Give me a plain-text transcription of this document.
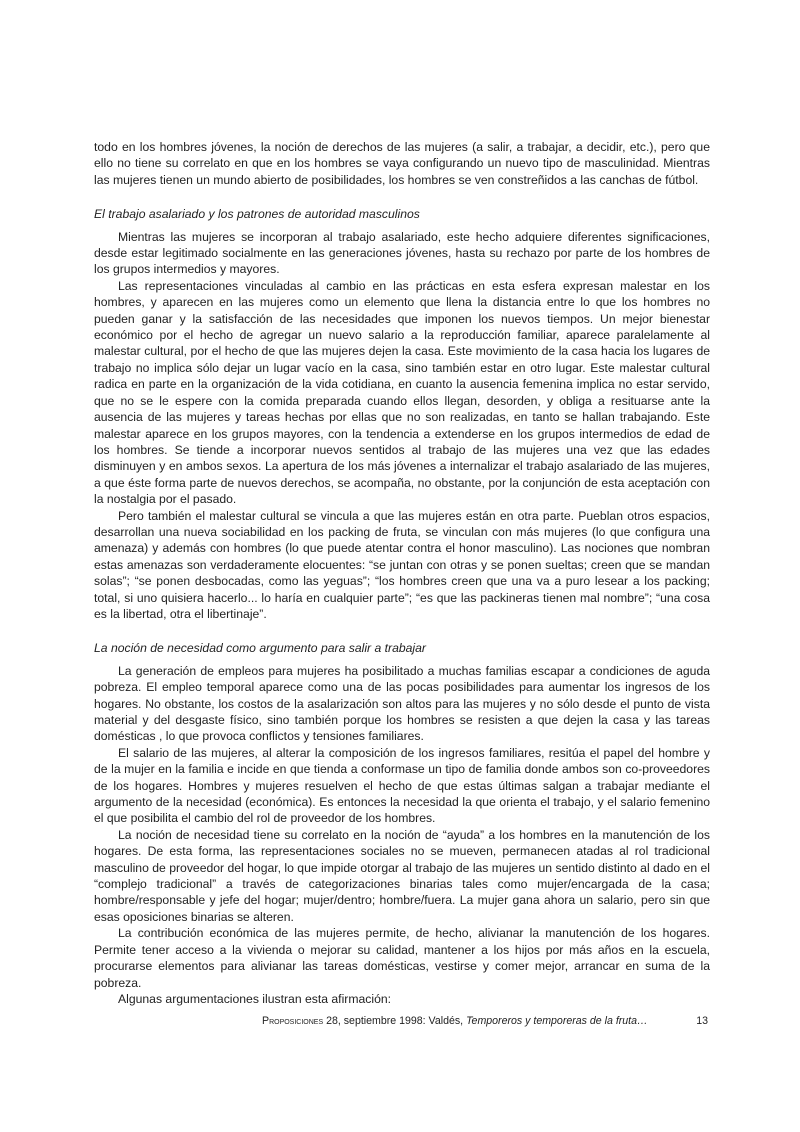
todo en los hombres jóvenes, la noción de derechos de las mujeres (a salir, a trabajar, a decidir, etc.), pero que ello no tiene su correlato en que en los hombres se vaya configurando un nuevo tipo de masculinidad. Mientras las mujeres tienen un mundo abierto de posibilidades, los hombres se ven constreñidos a las canchas de fútbol.

El trabajo asalariado y los patrones de autoridad masculinos

Mientras las mujeres se incorporan al trabajo asalariado, este hecho adquiere diferentes significaciones, desde estar legitimado socialmente en las generaciones jóvenes, hasta su rechazo por parte de los hombres de los grupos intermedios y mayores.

Las representaciones vinculadas al cambio en las prácticas en esta esfera expresan malestar en los hombres, y aparecen en las mujeres como un elemento que llena la distancia entre lo que los hombres no pueden ganar y la satisfacción de las necesidades que imponen los nuevos tiempos. Un mejor bienestar económico por el hecho de agregar un nuevo salario a la reproducción familiar, aparece paralelamente al malestar cultural, por el hecho de que las mujeres dejen la casa. Este movimiento de la casa hacia los lugares de trabajo no implica sólo dejar un lugar vacío en la casa, sino también estar en otro lugar. Este malestar cultural radica en parte en la organización de la vida cotidiana, en cuanto la ausencia femenina implica no estar servido, que no se le espere con la comida preparada cuando ellos llegan, desorden, y obliga a resituarse ante la ausencia de las mujeres y tareas hechas por ellas que no son realizadas, en tanto se hallan trabajando. Este malestar aparece en los grupos mayores, con la tendencia a extenderse en los grupos intermedios de edad de los hombres. Se tiende a incorporar nuevos sentidos al trabajo de las mujeres una vez que las edades disminuyen y en ambos sexos. La apertura de los más jóvenes a internalizar el trabajo asalariado de las mujeres, a que éste forma parte de nuevos derechos, se acompaña, no obstante, por la conjunción de esta aceptación con la nostalgia por el pasado.

Pero también el malestar cultural se vincula a que las mujeres están en otra parte. Pueblan otros espacios, desarrollan una nueva sociabilidad en los packing de fruta, se vinculan con más mujeres (lo que configura una amenaza) y además con hombres (lo que puede atentar contra el honor masculino). Las nociones que nombran estas amenazas son verdaderamente elocuentes: “se juntan con otras y se ponen sueltas; creen que se mandan solas”; “se ponen desbocadas, como las yeguas”; “los hombres creen que una va a puro lesear a los packing; total, si uno quisiera hacerlo... lo haría en cualquier parte”; “es que las packineras tienen mal nombre”; “una cosa es la libertad, otra el libertinaje”.

La noción de necesidad como argumento para salir a trabajar

La generación de empleos para mujeres ha posibilitado a muchas familias escapar a condiciones de aguda pobreza. El empleo temporal aparece como una de las pocas posibilidades para aumentar los ingresos de los hogares. No obstante, los costos de la asalarización son altos para las mujeres y no sólo desde el punto de vista material y del desgaste físico, sino también porque los hombres se resisten a que dejen la casa y las tareas domésticas , lo que provoca conflictos y tensiones familiares.

El salario de las mujeres, al alterar la composición de los ingresos familiares, resitúa el papel del hombre y de la mujer en la familia e incide en que tienda a conformase un tipo de familia donde ambos son co-proveedores de los hogares. Hombres y mujeres resuelven el hecho de que estas últimas salgan a trabajar mediante el argumento de la necesidad (económica). Es entonces la necesidad la que orienta el trabajo, y el salario femenino el que posibilita el cambio del rol de proveedor de los hombres.

La noción de necesidad tiene su correlato en la noción de “ayuda” a los hombres en la manutención de los hogares. De esta forma, las representaciones sociales no se mueven, permanecen atadas al rol tradicional masculino de proveedor del hogar, lo que impide otorgar al trabajo de las mujeres un sentido distinto al dado en el “complejo tradicional” a través de categorizaciones binarias tales como mujer/encargada de la casa; hombre/responsable y jefe del hogar; mujer/dentro; hombre/fuera. La mujer gana ahora un salario, pero sin que esas oposiciones binarias se alteren.

La contribución económica de las mujeres permite, de hecho, alivianar la manutención de los hogares. Permite tener acceso a la vivienda o mejorar su calidad, mantener a los hijos por más años en la escuela, procurarse elementos para alivianar las tareas domésticas, vestirse y comer mejor, arrancar en suma de la pobreza.

Algunas argumentaciones ilustran esta afirmación:

Proposiciones 28, septiembre 1998: Valdés, Temporeros y temporeras de la fruta…	13
